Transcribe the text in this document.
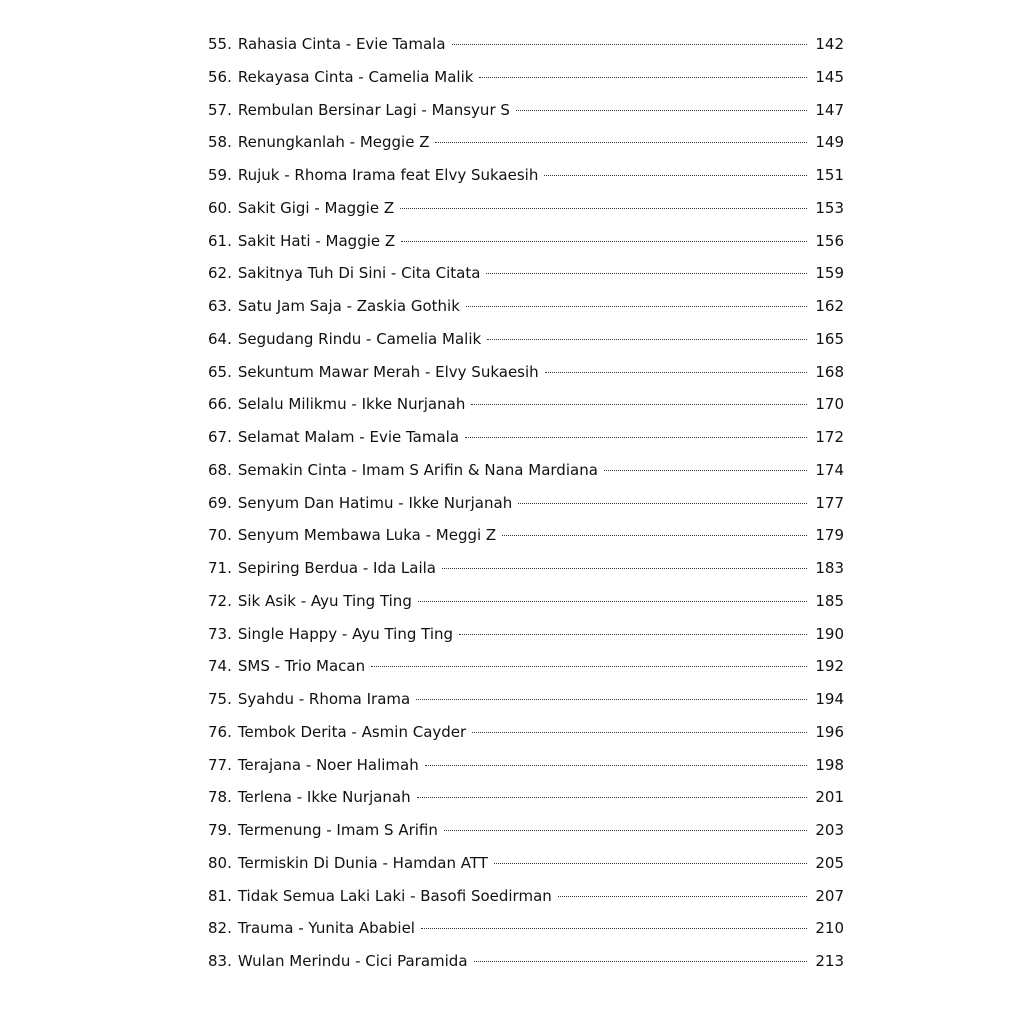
55. Rahasia Cinta - Evie Tamala	142
56. Rekayasa Cinta - Camelia Malik	145
57. Rembulan Bersinar Lagi - Mansyur S	147
58. Renungkanlah - Meggie Z	149
59. Rujuk - Rhoma Irama feat Elvy Sukaesih	151
60. Sakit Gigi - Maggie Z	153
61. Sakit Hati - Maggie Z	156
62. Sakitnya Tuh Di Sini - Cita Citata	159
63. Satu Jam Saja - Zaskia Gothik	162
64. Segudang Rindu - Camelia Malik	165
65. Sekuntum Mawar Merah - Elvy Sukaesih	168
66. Selalu Milikmu - Ikke Nurjanah	170
67. Selamat Malam - Evie Tamala	172
68. Semakin Cinta - Imam S Arifin & Nana Mardiana	174
69. Senyum Dan Hatimu - Ikke Nurjanah	177
70. Senyum Membawa Luka - Meggi Z	179
71. Sepiring Berdua - Ida Laila	183
72. Sik Asik - Ayu Ting Ting	185
73. Single Happy - Ayu Ting Ting	190
74. SMS - Trio Macan	192
75. Syahdu - Rhoma Irama	194
76. Tembok Derita - Asmin Cayder	196
77. Terajana - Noer Halimah	198
78. Terlena - Ikke Nurjanah	201
79. Termenung - Imam S Arifin	203
80. Termiskin Di Dunia - Hamdan ATT	205
81. Tidak Semua Laki Laki - Basofi Soedirman	207
82. Trauma - Yunita Ababiel	210
83. Wulan Merindu - Cici Paramida	213
